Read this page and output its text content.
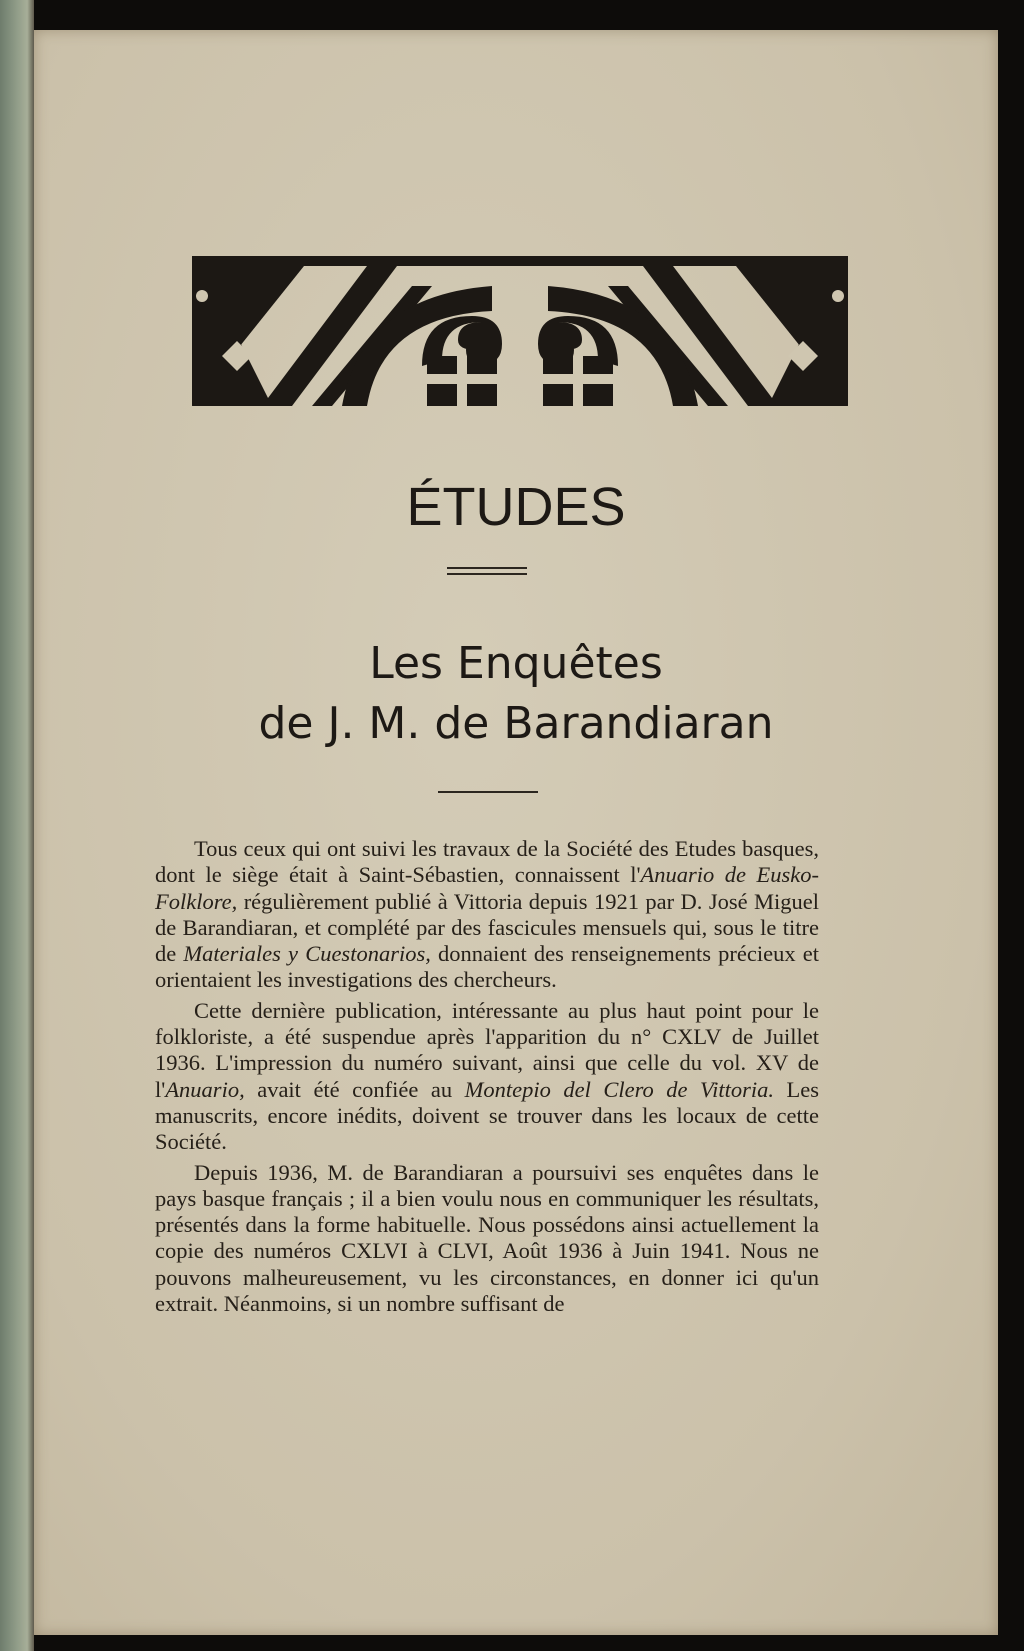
ÉTUDES
Les Enquêtes
de J. M. de Barandiaran

Tous ceux qui ont suivi les travaux de la Société des Etudes basques, dont le siège était à Saint-Sébastien, connaissent l'Anuario de Eusko-Folklore, régulièrement publié à Vittoria depuis 1921 par D. José Miguel de Barandiaran, et complété par des fascicules mensuels qui, sous le titre de Materiales y Cuestonarios, donnaient des renseignements précieux et orientaient les investigations des chercheurs.

Cette dernière publication, intéressante au plus haut point pour le folkloriste, a été suspendue après l'apparition du n° CXLV de Juillet 1936. L'impression du numéro suivant, ainsi que celle du vol. XV de l'Anuario, avait été confiée au Montepio del Clero de Vittoria. Les manuscrits, encore inédits, doivent se trouver dans les locaux de cette Société.

Depuis 1936, M. de Barandiaran a poursuivi ses enquêtes dans le pays basque français ; il a bien voulu nous en communiquer les résultats, présentés dans la forme habituelle. Nous possédons ainsi actuellement la copie des numéros CXLVI à CLVI, Août 1936 à Juin 1941. Nous ne pouvons malheureusement, vu les circonstances, en donner ici qu'un extrait. Néanmoins, si un nombre suffisant de
